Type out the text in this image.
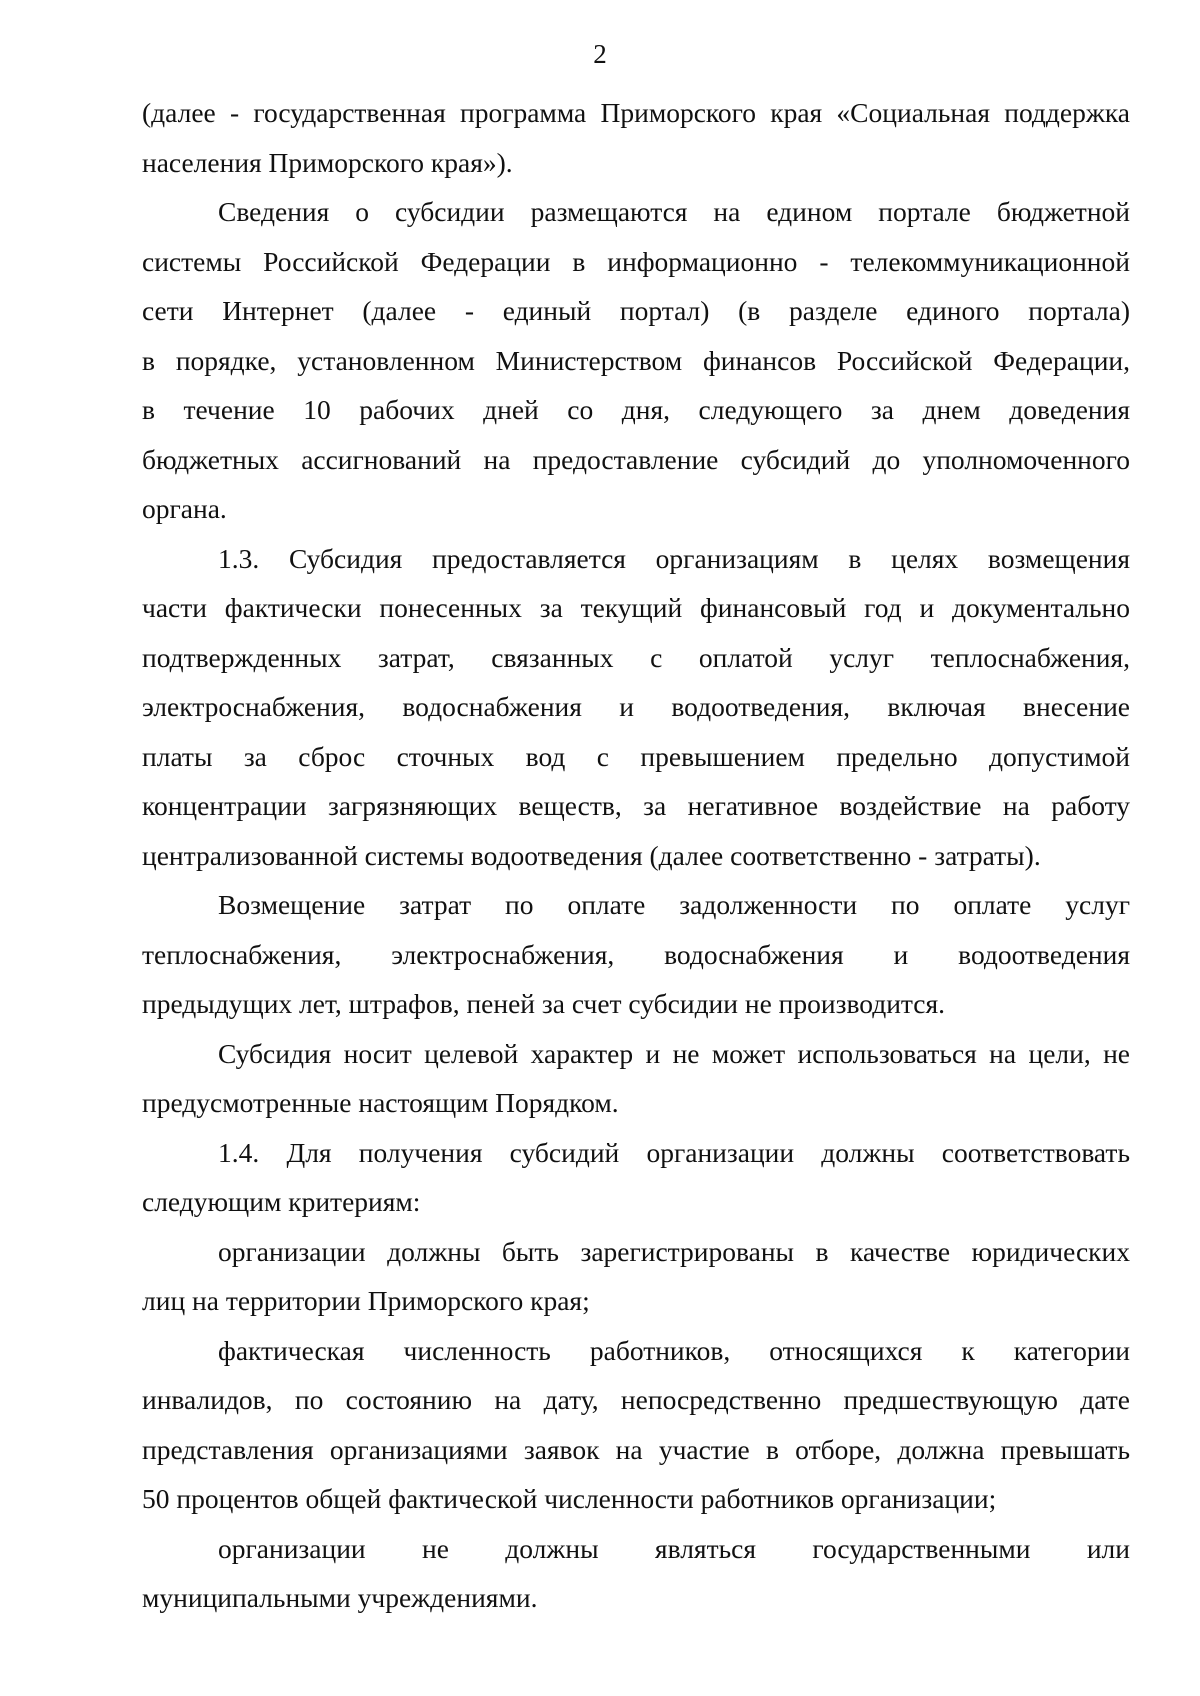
2

(далее - государственная программа Приморского края «Социальная поддержка
населения Приморского края»).

Сведения о субсидии размещаются на едином портале бюджетной
системы Российской Федерации в информационно - телекоммуникационной
сети Интернет (далее - единый портал) (в разделе единого портала)
в порядке, установленном Министерством финансов Российской Федерации,
в течение 10 рабочих дней со дня, следующего за днем доведения
бюджетных ассигнований на предоставление субсидий до уполномоченного
органа.

1.3. Субсидия предоставляется организациям в целях возмещения
части фактически понесенных за текущий финансовый год и документально
подтвержденных затрат, связанных с оплатой услуг теплоснабжения,
электроснабжения, водоснабжения и водоотведения, включая внесение
платы за сброс сточных вод с превышением предельно допустимой
концентрации загрязняющих веществ, за негативное воздействие на работу
централизованной системы водоотведения (далее соответственно - затраты).

Возмещение затрат по оплате задолженности по оплате услуг
теплоснабжения, электроснабжения, водоснабжения и водоотведения
предыдущих лет, штрафов, пеней за счет субсидии не производится.

Субсидия носит целевой характер и не может использоваться на цели, не
предусмотренные настоящим Порядком.

1.4. Для получения субсидий организации должны соответствовать
следующим критериям:

организации должны быть зарегистрированы в качестве юридических
лиц на территории Приморского края;

фактическая численность работников, относящихся к категории
инвалидов, по состоянию на дату, непосредственно предшествующую дате
представления организациями заявок на участие в отборе, должна превышать
50 процентов общей фактической численности работников организации;

организации не должны являться государственными или
муниципальными учреждениями.
